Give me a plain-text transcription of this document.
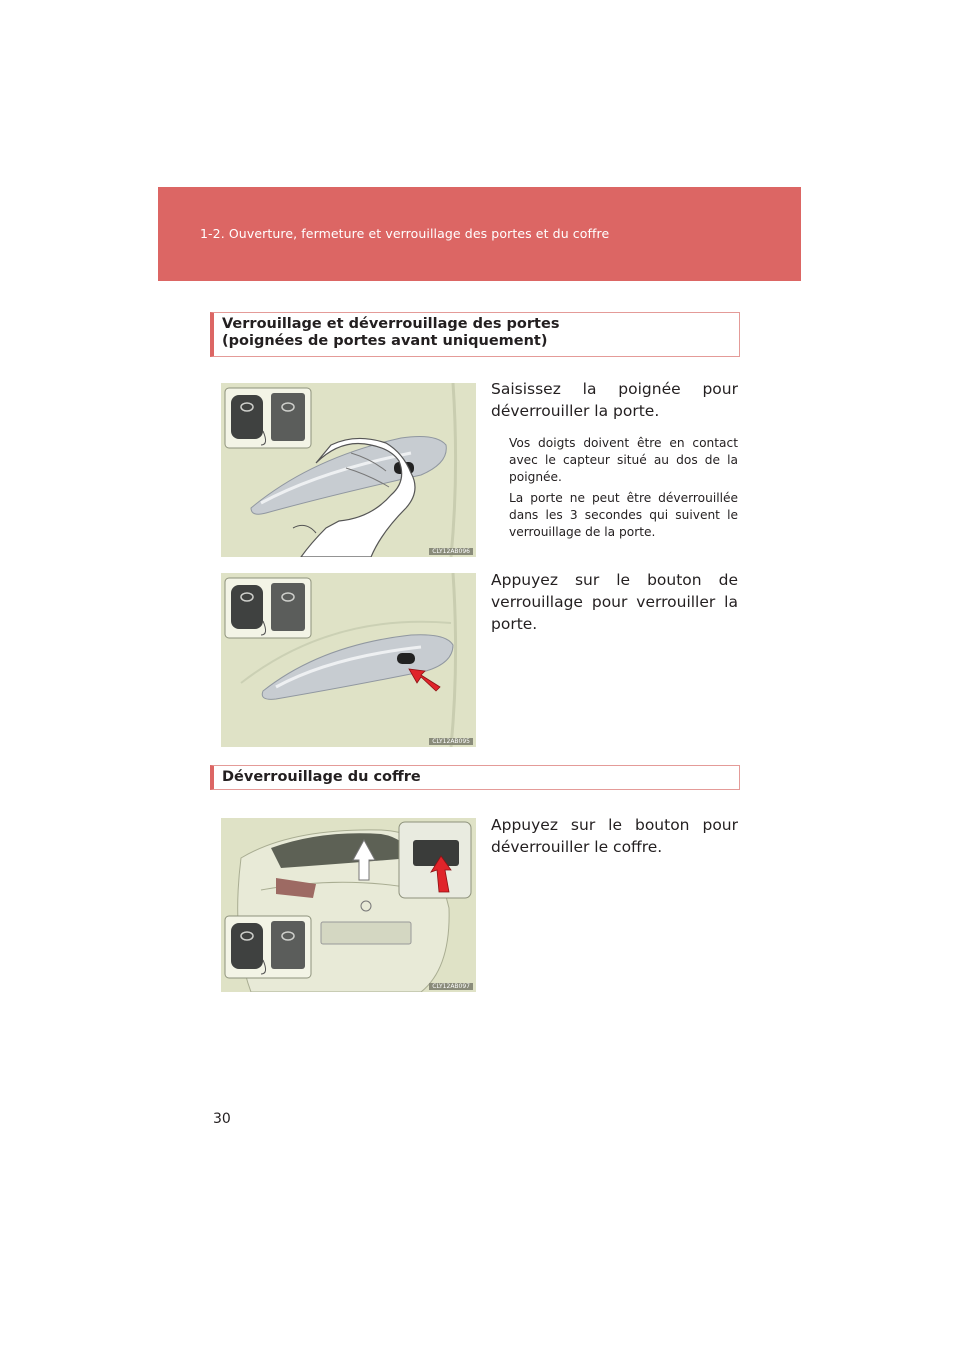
1-2. Ouverture, fermeture et verrouillage des portes et du coffre
Verrouillage et déverrouillage des portes
(poignées de portes avant uniquement)
CLY12AB096
Saisissez la poignée pour
déverrouiller la porte.
Vos doigts doivent être en contact
avec le capteur situé au dos de la
poignée.
La porte ne peut être déverrouillée
dans les 3 secondes qui suivent le
verrouillage de la porte.
CLY12AB095
Appuyez sur le bouton de
verrouillage pour verrouiller la
porte.
Déverrouillage du coffre
CLY12AB097
Appuyez sur le bouton pour
déverrouiller le coffre.
30
